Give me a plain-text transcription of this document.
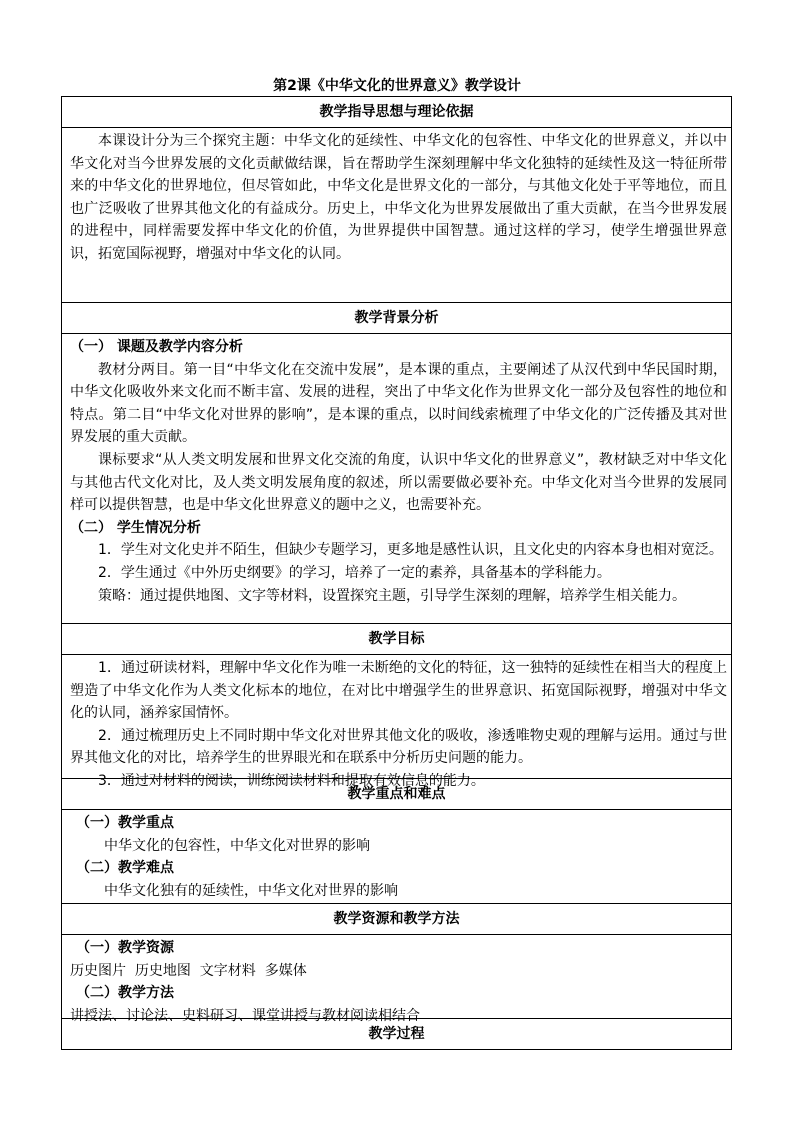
第2课《中华文化的世界意义》教学设计
教学指导思想与理论依据

本课设计分为三个探究主题：中华文化的延续性、中华文化的包容性、中华文化的世界意义，并以中华文化对当今世界发展的文化贡献做结课，旨在帮助学生深刻理解中华文化独特的延续性及这一特征所带来的中华文化的世界地位，但尽管如此，中华文化是世界文化的一部分，与其他文化处于平等地位，而且也广泛吸收了世界其他文化的有益成分。历史上，中华文化为世界发展做出了重大贡献，在当今世界发展的进程中，同样需要发挥中华文化的价值，为世界提供中国智慧。通过这样的学习，使学生增强世界意识，拓宽国际视野，增强对中华文化的认同。

教学背景分析

（一） 课题及教学内容分析

教材分两目。第一目“中华文化在交流中发展”，是本课的重点，主要阐述了从汉代到中华民国时期，中华文化吸收外来文化而不断丰富、发展的进程，突出了中华文化作为世界文化一部分及包容性的地位和特点。第二目“中华文化对世界的影响”，是本课的重点，以时间线索梳理了中华文化的广泛传播及其对世界发展的重大贡献。

课标要求“从人类文明发展和世界文化交流的角度，认识中华文化的世界意义”，教材缺乏对中华文化与其他古代文化对比，及人类文明发展角度的叙述，所以需要做必要补充。中华文化对当今世界的发展同样可以提供智慧，也是中华文化世界意义的题中之义，也需要补充。

（二） 学生情况分析

1．学生对文化史并不陌生，但缺少专题学习，更多地是感性认识，且文化史的内容本身也相对宽泛。

2．学生通过《中外历史纲要》的学习，培养了一定的素养，具备基本的学科能力。

策略：通过提供地图、文字等材料，设置探究主题，引导学生深刻的理解，培养学生相关能力。

教学目标

1．通过研读材料，理解中华文化作为唯一未断绝的文化的特征，这一独特的延续性在相当大的程度上塑造了中华文化作为人类文化标本的地位，在对比中增强学生的世界意识、拓宽国际视野，增强对中华文化的认同，涵养家国情怀。

2．通过梳理历史上不同时期中华文化对世界其他文化的吸收，渗透唯物史观的理解与运用。通过与世界其他文化的对比，培养学生的世界眼光和在联系中分析历史问题的能力。

3．通过对材料的阅读，训练阅读材料和提取有效信息的能力。

教学重点和难点

（一）教学重点

中华文化的包容性，中华文化对世界的影响

（二）教学难点

中华文化独有的延续性，中华文化对世界的影响

教学资源和教学方法

（一）教学资源

历史图片  历史地图  文字材料  多媒体

（二）教学方法

讲授法、讨论法、史料研习、课堂讲授与教材阅读相结合

教学过程
